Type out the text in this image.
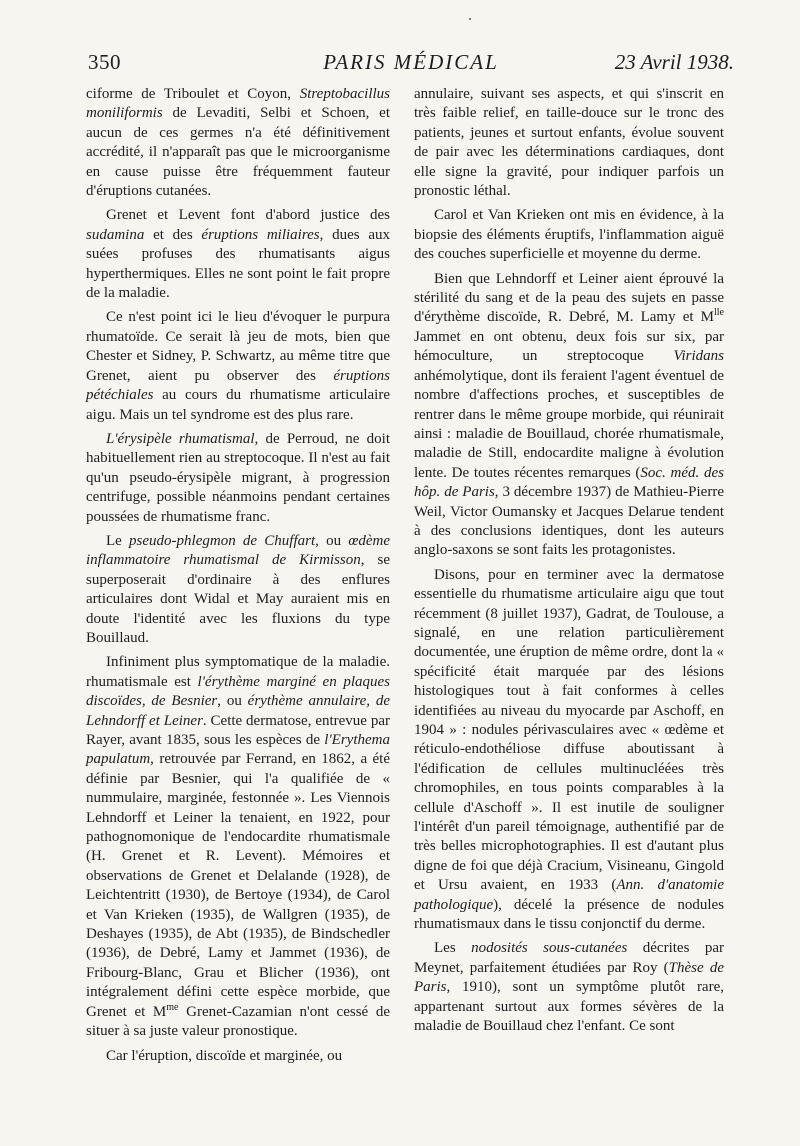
350	PARIS MÉDICAL	23 Avril 1938.

ciforme de Triboulet et Coyon, Streptobacillus moniliformis de Levaditi, Selbi et Schoen, et aucun de ces germes n'a été définitivement accrédité, il n'apparaît pas que le microorganisme en cause puisse être fréquemment fauteur d'éruptions cutanées.

Grenet et Levent font d'abord justice des sudamina et des éruptions miliaires, dues aux suées profuses des rhumatisants aigus hyperthermiques. Elles ne sont point le fait propre de la maladie.

Ce n'est point ici le lieu d'évoquer le purpura rhumatoïde. Ce serait là jeu de mots, bien que Chester et Sidney, P. Schwartz, au même titre que Grenet, aient pu observer des éruptions pétéchiales au cours du rhumatisme articulaire aigu. Mais un tel syndrome est des plus rare.

L'érysipèle rhumatismal, de Perroud, ne doit habituellement rien au streptocoque. Il n'est au fait qu'un pseudo-érysipèle migrant, à progression centrifuge, possible néanmoins pendant certaines poussées de rhumatisme franc.

Le pseudo-phlegmon de Chuffart, ou œdème inflammatoire rhumatismal de Kirmisson, se superposerait d'ordinaire à des enflures articulaires dont Widal et May auraient mis en doute l'identité avec les fluxions du type Bouillaud.

Infiniment plus symptomatique de la maladie. rhumatismale est l'érythème marginé en plaques discoïdes, de Besnier, ou érythème annulaire, de Lehndorff et Leiner. Cette dermatose, entrevue par Rayer, avant 1835, sous les espèces de l'Erythema papulatum, retrouvée par Ferrand, en 1862, a été définie par Besnier, qui l'a qualifiée de « nummulaire, marginée, festonnée ». Les Viennois Lehndorff et Leiner la tenaient, en 1922, pour pathognomonique de l'endocardite rhumatismale (H. Grenet et R. Levent). Mémoires et observations de Grenet et Delalande (1928), de Leichtentritt (1930), de Bertoye (1934), de Carol et Van Krieken (1935), de Wallgren (1935), de Deshayes (1935), de Abt (1935), de Bindschedler (1936), de Debré, Lamy et Jammet (1936), de Fribourg-Blanc, Grau et Blicher (1936), ont intégralement défini cette espèce morbide, que Grenet et $M^{me}$ Grenet-Cazamian n'ont cessé de situer à sa juste valeur pronostique.

Car l'éruption, discoïde et marginée, ou

annulaire, suivant ses aspects, et qui s'inscrit en très faible relief, en taille-douce sur le tronc des patients, jeunes et surtout enfants, évolue souvent de pair avec les déterminations cardiaques, dont elle signe la gravité, pour indiquer parfois un pronostic léthal.

Carol et Van Krieken ont mis en évidence, à la biopsie des éléments éruptifs, l'inflammation aiguë des couches superficielle et moyenne du derme.

Bien que Lehndorff et Leiner aient éprouvé la stérilité du sang et de la peau des sujets en passe d'érythème discoïde, R. Debré, M. Lamy et $M^{lle}$ Jammet en ont obtenu, deux fois sur six, par hémoculture, un streptocoque Viridans anhémolytique, dont ils feraient l'agent éventuel de nombre d'affections proches, et susceptibles de rentrer dans le même groupe morbide, qui réunirait ainsi : maladie de Bouillaud, chorée rhumatismale, maladie de Still, endocardite maligne à évolution lente. De toutes récentes remarques (Soc. méd. des hôp. de Paris, 3 décembre 1937) de Mathieu-Pierre Weil, Victor Oumansky et Jacques Delarue tendent à des conclusions identiques, dont les auteurs anglo-saxons se sont faits les protagonistes.

Disons, pour en terminer avec la dermatose essentielle du rhumatisme articulaire aigu que tout récemment (8 juillet 1937), Gadrat, de Toulouse, a signalé, en une relation particulièrement documentée, une éruption de même ordre, dont la « spécificité était marquée par des lésions histologiques tout à fait conformes à celles identifiées au niveau du myocarde par Aschoff, en 1904 » : nodules périvasculaires avec « œdème et réticulo-endothéliose diffuse aboutissant à l'édification de cellules multinucléées très chromophiles, en tous points comparables à la cellule d'Aschoff ». Il est inutile de souligner l'intérêt d'un pareil témoignage, authentifié par de très belles microphotographies. Il est d'autant plus digne de foi que déjà Cracium, Visineanu, Gingold et Ursu avaient, en 1933 (Ann. d'anatomie pathologique), décelé la présence de nodules rhumatismaux dans le tissu conjonctif du derme.

Les nodosités sous-cutanées décrites par Meynet, parfaitement étudiées par Roy (Thèse de Paris, 1910), sont un symptôme plutôt rare, appartenant surtout aux formes sévères de la maladie de Bouillaud chez l'enfant. Ce sont
